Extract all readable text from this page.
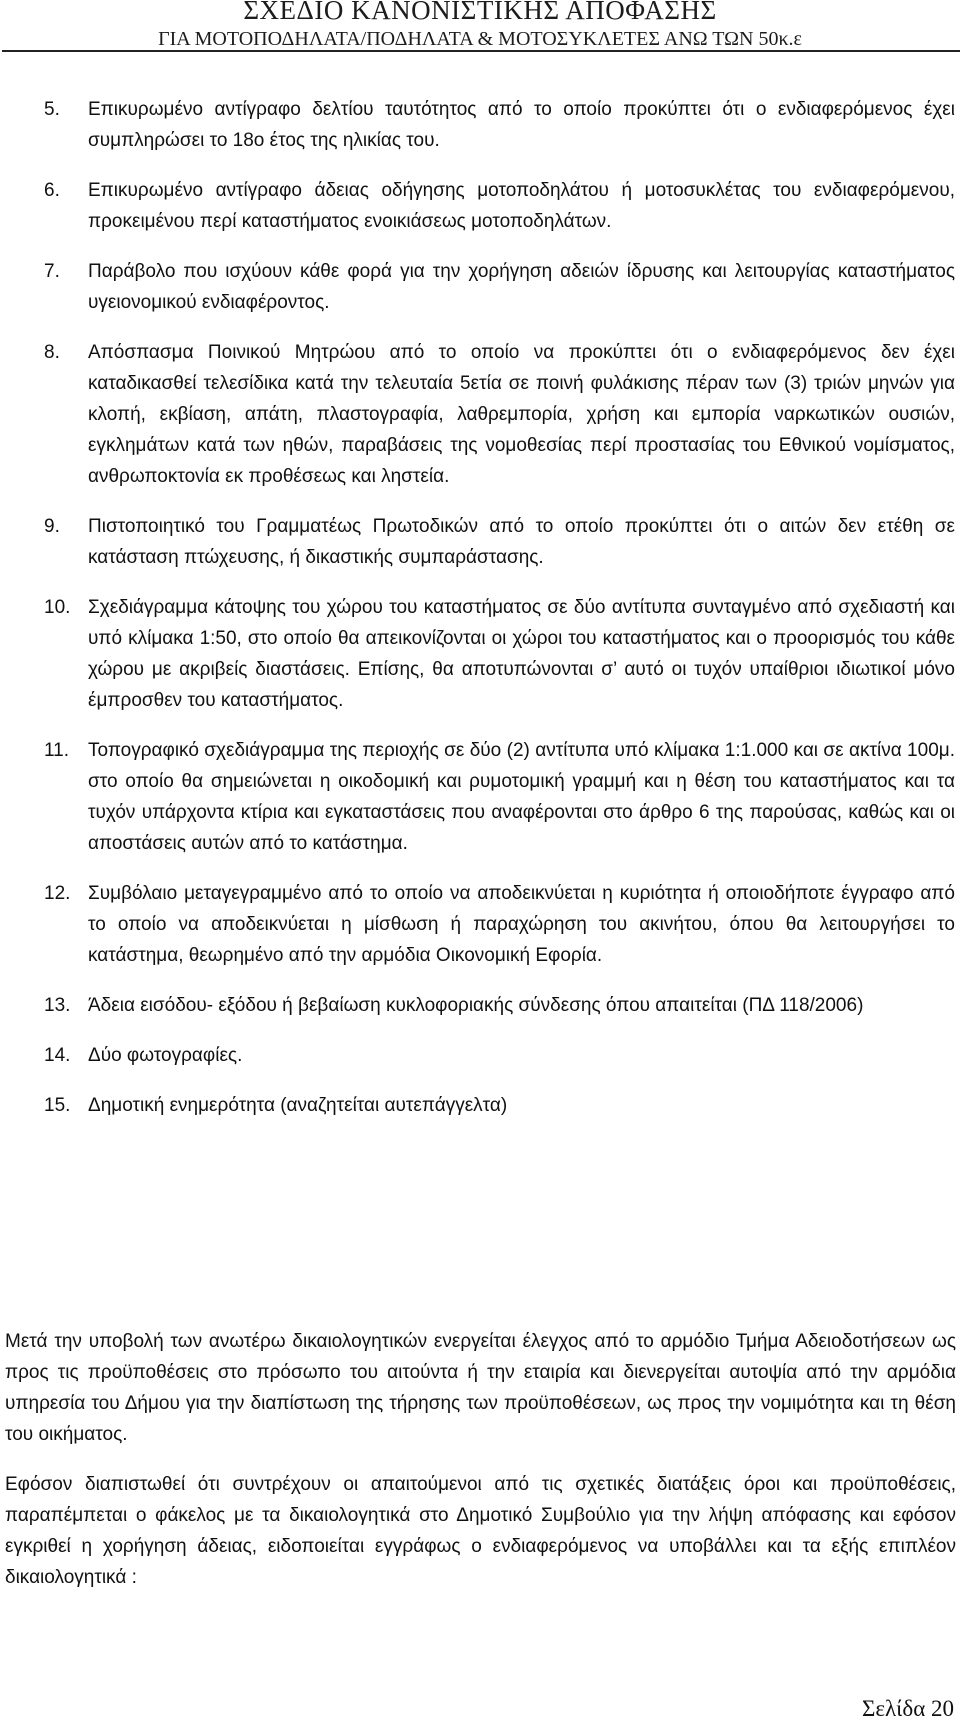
ΣΧΕΔΙΟ ΚΑΝΟΝΙΣΤΙΚΗΣ ΑΠΟΦΑΣΗΣ
ΓΙΑ ΜΟΤΟΠΟΔΗΛΑΤΑ/ΠΟΔΗΛΑΤΑ & ΜΟΤΟΣΥΚΛΕΤΕΣ ΑΝΩ ΤΩΝ 50κ.ε
5. Επικυρωμένο αντίγραφο δελτίου ταυτότητος από το οποίο προκύπτει ότι ο ενδιαφερόμενος έχει συμπληρώσει το 18ο έτος της ηλικίας του.
6. Επικυρωμένο αντίγραφο άδειας οδήγησης μοτοποδηλάτου ή μοτοσυκλέτας του ενδιαφερόμενου, προκειμένου περί καταστήματος ενοικιάσεως μοτοποδηλάτων.
7. Παράβολο που ισχύουν κάθε φορά για την χορήγηση αδειών ίδρυσης και λειτουργίας καταστήματος υγειονομικού ενδιαφέροντος.
8. Απόσπασμα Ποινικού Μητρώου από το οποίο να προκύπτει ότι ο ενδιαφερόμενος δεν έχει καταδικασθεί τελεσίδικα κατά την τελευταία 5ετία σε ποινή φυλάκισης πέραν των (3) τριών μηνών για κλοπή, εκβίαση, απάτη, πλαστογραφία, λαθρεμπορία, χρήση και εμπορία ναρκωτικών ουσιών, εγκλημάτων κατά των ηθών, παραβάσεις της νομοθεσίας περί προστασίας του Εθνικού νομίσματος, ανθρωποκτονία εκ προθέσεως και ληστεία.
9. Πιστοποιητικό του Γραμματέως Πρωτοδικών από το οποίο προκύπτει ότι ο αιτών δεν ετέθη σε κατάσταση πτώχευσης, ή δικαστικής συμπαράστασης.
10. Σχεδιάγραμμα κάτοψης του χώρου του καταστήματος σε δύο αντίτυπα συνταγμένο από σχεδιαστή και υπό κλίμακα 1:50, στο οποίο θα απεικονίζονται οι χώροι του καταστήματος και ο προορισμός του κάθε χώρου με ακριβείς διαστάσεις. Επίσης, θα αποτυπώνονται σ’ αυτό οι τυχόν υπαίθριοι ιδιωτικοί μόνο έμπροσθεν του καταστήματος.
11. Τοπογραφικό σχεδιάγραμμα της περιοχής σε δύο (2) αντίτυπα υπό κλίμακα 1:1.000 και σε ακτίνα 100μ. στο οποίο θα σημειώνεται η οικοδομική και ρυμοτομική γραμμή και η θέση του καταστήματος και τα τυχόν υπάρχοντα κτίρια και εγκαταστάσεις που αναφέρονται στο άρθρο 6 της παρούσας, καθώς και οι αποστάσεις αυτών από το κατάστημα.
12. Συμβόλαιο μεταγεγραμμένο από το οποίο να αποδεικνύεται η κυριότητα ή οποιοδήποτε έγγραφο από το οποίο να αποδεικνύεται η μίσθωση ή παραχώρηση του ακινήτου, όπου θα λειτουργήσει το κατάστημα, θεωρημένο από την αρμόδια Οικονομική Εφορία.
13. Άδεια εισόδου- εξόδου ή βεβαίωση κυκλοφοριακής σύνδεσης όπου απαιτείται (ΠΔ 118/2006)
14. Δύο φωτογραφίες.
15. Δημοτική ενημερότητα (αναζητείται αυτεπάγγελτα)

Μετά την υποβολή των ανωτέρω δικαιολογητικών ενεργείται έλεγχος από το αρμόδιο Τμήμα Αδειοδοτήσεων ως προς τις προϋποθέσεις στο πρόσωπο του αιτούντα ή την εταιρία και διενεργείται αυτοψία από την αρμόδια υπηρεσία του Δήμου για την διαπίστωση της τήρησης των προϋποθέσεων, ως προς την νομιμότητα και τη θέση του οικήματος.

Εφόσον διαπιστωθεί ότι συντρέχουν οι απαιτούμενοι από τις σχετικές διατάξεις όροι και προϋποθέσεις, παραπέμπεται ο φάκελος με τα δικαιολογητικά στο Δημοτικό Συμβούλιο για την λήψη απόφασης και εφόσον εγκριθεί η χορήγηση άδειας, ειδοποιείται εγγράφως ο ενδιαφερόμενος να υποβάλλει και τα εξής επιπλέον δικαιολογητικά :

Σελίδα 20
